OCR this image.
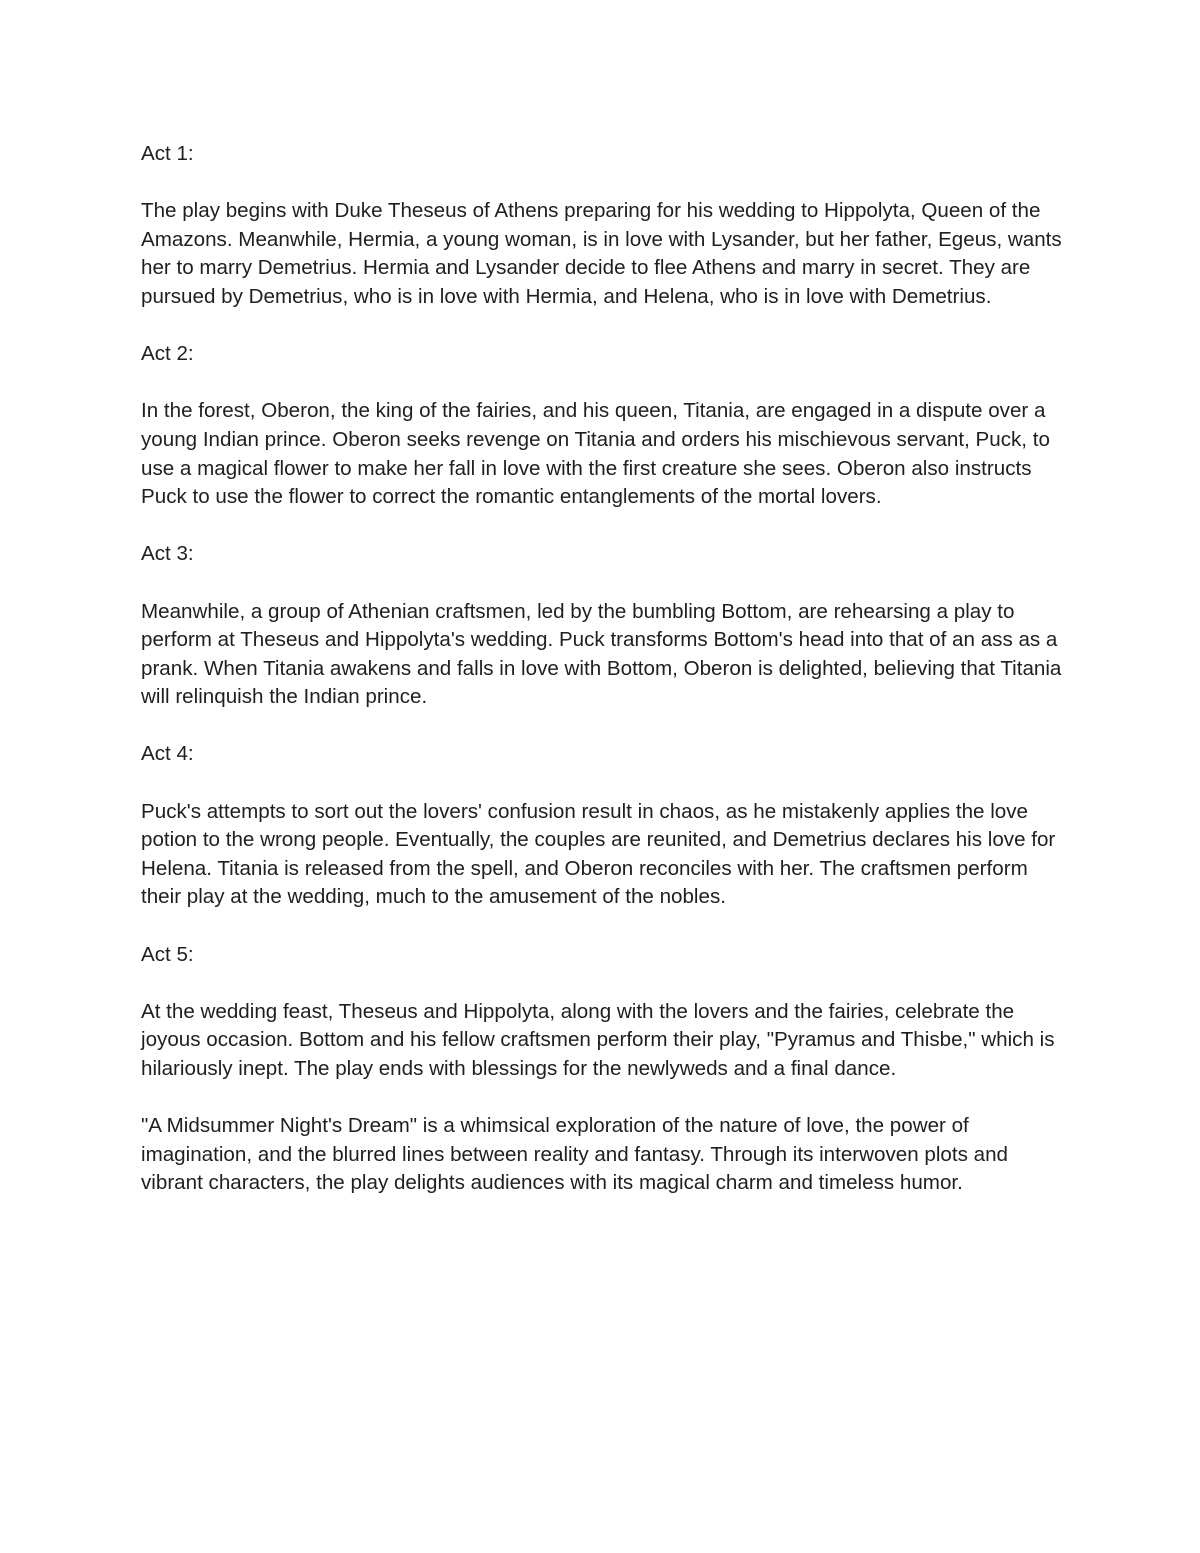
Act 1:

The play begins with Duke Theseus of Athens preparing for his wedding to Hippolyta, Queen of the Amazons. Meanwhile, Hermia, a young woman, is in love with Lysander, but her father, Egeus, wants her to marry Demetrius. Hermia and Lysander decide to flee Athens and marry in secret. They are pursued by Demetrius, who is in love with Hermia, and Helena, who is in love with Demetrius.

Act 2:

In the forest, Oberon, the king of the fairies, and his queen, Titania, are engaged in a dispute over a young Indian prince. Oberon seeks revenge on Titania and orders his mischievous servant, Puck, to use a magical flower to make her fall in love with the first creature she sees. Oberon also instructs Puck to use the flower to correct the romantic entanglements of the mortal lovers.

Act 3:

Meanwhile, a group of Athenian craftsmen, led by the bumbling Bottom, are rehearsing a play to perform at Theseus and Hippolyta's wedding. Puck transforms Bottom's head into that of an ass as a prank. When Titania awakens and falls in love with Bottom, Oberon is delighted, believing that Titania will relinquish the Indian prince.

Act 4:

Puck's attempts to sort out the lovers' confusion result in chaos, as he mistakenly applies the love potion to the wrong people. Eventually, the couples are reunited, and Demetrius declares his love for Helena. Titania is released from the spell, and Oberon reconciles with her. The craftsmen perform their play at the wedding, much to the amusement of the nobles.

Act 5:

At the wedding feast, Theseus and Hippolyta, along with the lovers and the fairies, celebrate the joyous occasion. Bottom and his fellow craftsmen perform their play, "Pyramus and Thisbe," which is hilariously inept. The play ends with blessings for the newlyweds and a final dance.

"A Midsummer Night's Dream" is a whimsical exploration of the nature of love, the power of imagination, and the blurred lines between reality and fantasy. Through its interwoven plots and vibrant characters, the play delights audiences with its magical charm and timeless humor.
